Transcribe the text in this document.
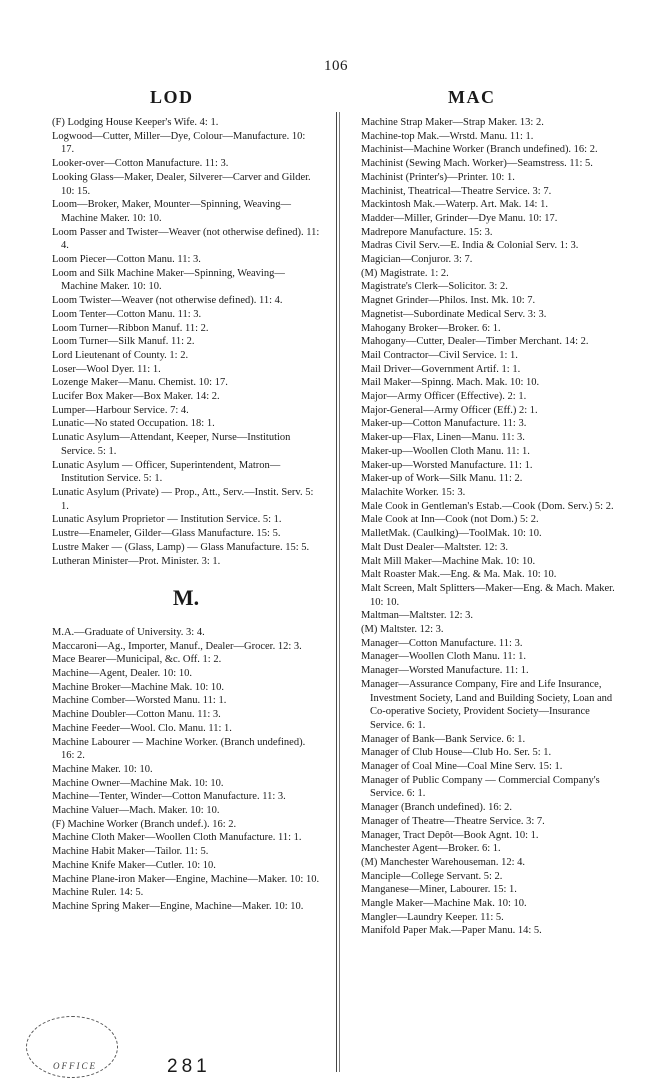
106
LOD	MAC
(F) Lodging House Keeper's Wife. 4: 1.
Logwood—Cutter, Miller—Dye, Colour—Manufacture. 10: 17.
Looker-over—Cotton Manufacture. 11: 3.
Looking Glass—Maker, Dealer, Silverer—Carver and Gilder. 10: 15.
Loom—Broker, Maker, Mounter—Spinning, Weaving—Machine Maker. 10: 10.
Loom Passer and Twister—Weaver (not otherwise defined). 11: 4.
Loom Piecer—Cotton Manu. 11: 3.
Loom and Silk Machine Maker—Spinning, Weaving—Machine Maker. 10: 10.
Loom Twister—Weaver (not otherwise defined). 11: 4.
Loom Tenter—Cotton Manu. 11: 3.
Loom Turner—Ribbon Manuf. 11: 2.
Loom Turner—Silk Manuf. 11: 2.
Lord Lieutenant of County. 1: 2.
Loser—Wool Dyer. 11: 1.
Lozenge Maker—Manu. Chemist. 10: 17.
Lucifer Box Maker—Box Maker. 14: 2.
Lumper—Harbour Service. 7: 4.
Lunatic—No stated Occupation. 18: 1.
Lunatic Asylum—Attendant, Keeper, Nurse—Institution Service. 5: 1.
Lunatic Asylum — Officer, Superintendent, Matron—Institution Service. 5: 1.
Lunatic Asylum (Private) — Prop., Att., Serv.—Instit. Serv. 5: 1.
Lunatic Asylum Proprietor — Institution Service. 5: 1.
Lustre—Enameler, Gilder—Glass Manufacture. 15: 5.
Lustre Maker — (Glass, Lamp) — Glass Manufacture. 15: 5.
Lutheran Minister—Prot. Minister. 3: 1.
M.
M.A.—Graduate of University. 3: 4.
Maccaroni—Ag., Importer, Manuf., Dealer—Grocer. 12: 3.
Mace Bearer—Municipal, &c. Off. 1: 2.
Machine—Agent, Dealer. 10: 10.
Machine Broker—Machine Mak. 10: 10.
Machine Comber—Worsted Manu. 11: 1.
Machine Doubler—Cotton Manu. 11: 3.
Machine Feeder—Wool. Clo. Manu. 11: 1.
Machine Labourer — Machine Worker. (Branch undefined). 16: 2.
Machine Maker. 10: 10.
Machine Owner—Machine Mak. 10: 10.
Machine—Tenter, Winder—Cotton Manufacture. 11: 3.
Machine Valuer—Mach. Maker. 10: 10.
(F) Machine Worker (Branch undef.). 16: 2.
Machine Cloth Maker—Woollen Cloth Manufacture. 11: 1.
Machine Habit Maker—Tailor. 11: 5.
Machine Knife Maker—Cutler. 10: 10.
Machine Plane-iron Maker—Engine, Machine—Maker. 10: 10.
Machine Ruler. 14: 5.
Machine Spring Maker—Engine, Machine—Maker. 10: 10.
Machine Strap Maker—Strap Maker. 13: 2.
Machine-top Mak.—Wrstd. Manu. 11: 1.
Machinist—Machine Worker (Branch undefined). 16: 2.
Machinist (Sewing Mach. Worker)—Seamstress. 11: 5.
Machinist (Printer's)—Printer. 10: 1.
Machinist, Theatrical—Theatre Service. 3: 7.
Mackintosh Mak.—Waterp. Art. Mak. 14: 1.
Madder—Miller, Grinder—Dye Manu. 10: 17.
Madrepore Manufacture. 15: 3.
Madras Civil Serv.—E. India & Colonial Serv. 1: 3.
Magician—Conjuror. 3: 7.
(M) Magistrate. 1: 2.
Magistrate's Clerk—Solicitor. 3: 2.
Magnet Grinder—Philos. Inst. Mk. 10: 7.
Magnetist—Subordinate Medical Serv. 3: 3.
Mahogany Broker—Broker. 6: 1.
Mahogany—Cutter, Dealer—Timber Merchant. 14: 2.
Mail Contractor—Civil Service. 1: 1.
Mail Driver—Government Artif. 1: 1.
Mail Maker—Spinng. Mach. Mak. 10: 10.
Major—Army Officer (Effective). 2: 1.
Major-General—Army Officer (Eff.) 2: 1.
Maker-up—Cotton Manufacture. 11: 3.
Maker-up—Flax, Linen—Manu. 11: 3.
Maker-up—Woollen Cloth Manu. 11: 1.
Maker-up—Worsted Manufacture. 11: 1.
Maker-up of Work—Silk Manu. 11: 2.
Malachite Worker. 15: 3.
Male Cook in Gentleman's Estab.—Cook (Dom. Serv.) 5: 2.
Male Cook at Inn—Cook (not Dom.) 5: 2.
MalletMak. (Caulking)—ToolMak. 10: 10.
Malt Dust Dealer—Maltster. 12: 3.
Malt Mill Maker—Machine Mak. 10: 10.
Malt Roaster Mak.—Eng. & Ma. Mak. 10: 10.
Malt Screen, Malt Splitters—Maker—Eng. & Mach. Maker. 10: 10.
Maltman—Maltster. 12: 3.
(M) Maltster. 12: 3.
Manager—Cotton Manufacture. 11: 3.
Manager—Woollen Cloth Manu. 11: 1.
Manager—Worsted Manufacture. 11: 1.
Manager—Assurance Company, Fire and Life Insurance, Investment Society, Land and Building Society, Loan and Co-operative Society, Provident Society—Insurance Service. 6: 1.
Manager of Bank—Bank Service. 6: 1.
Manager of Club House—Club Ho. Ser. 5: 1.
Manager of Coal Mine—Coal Mine Serv. 15: 1.
Manager of Public Company — Commercial Company's Service. 6: 1.
Manager (Branch undefined). 16: 2.
Manager of Theatre—Theatre Service. 3: 7.
Manager, Tract Depôt—Book Agnt. 10: 1.
Manchester Agent—Broker. 6: 1.
(M) Manchester Warehouseman. 12: 4.
Manciple—College Servant. 5: 2.
Manganese—Miner, Labourer. 15: 1.
Mangle Maker—Machine Mak. 10: 10.
Mangler—Laundry Keeper. 11: 5.
Manifold Paper Mak.—Paper Manu. 14: 5.
OFFICE	281
